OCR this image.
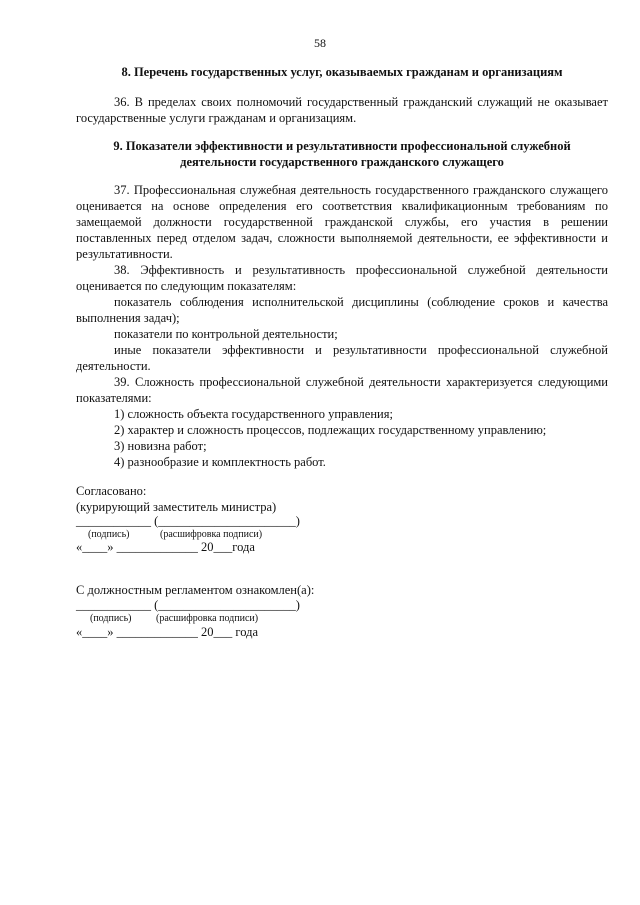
58
8. Перечень государственных услуг, оказываемых гражданам и организациям
36. В пределах своих полномочий государственный гражданский служащий не оказывает государственные услуги гражданам и организациям.
9. Показатели эффективности и результативности профессиональной служебной
деятельности государственного гражданского служащего
37. Профессиональная служебная деятельность государственного гражданского служащего оценивается на основе определения его соответствия квалификационным требованиям по замещаемой должности государственной гражданской службы, его участия в решении поставленных перед отделом задач, сложности выполняемой деятельности, ее эффективности и результативности.
38. Эффективность и результативность профессиональной служебной деятельности оценивается по следующим показателям:
показатель соблюдения исполнительской дисциплины (соблюдение сроков и качества выполнения задач);
показатели по контрольной деятельности;
иные показатели эффективности и результативности профессиональной служебной деятельности.
39. Сложность профессиональной служебной деятельности характеризуется следующими показателями:
1) сложность объекта государственного управления;
2) характер и сложность процессов, подлежащих государственному управлению;
3) новизна работ;
4) разнообразие и комплектность работ.
Согласовано:
(курирующий заместитель министра)
____________ (______________________)
(подпись)	(расшифровка подписи)
«____» _____________ 20___года
С должностным регламентом ознакомлен(а):
____________ (______________________)
(подпись) (расшифровка подписи)
«____» _____________ 20___ года
